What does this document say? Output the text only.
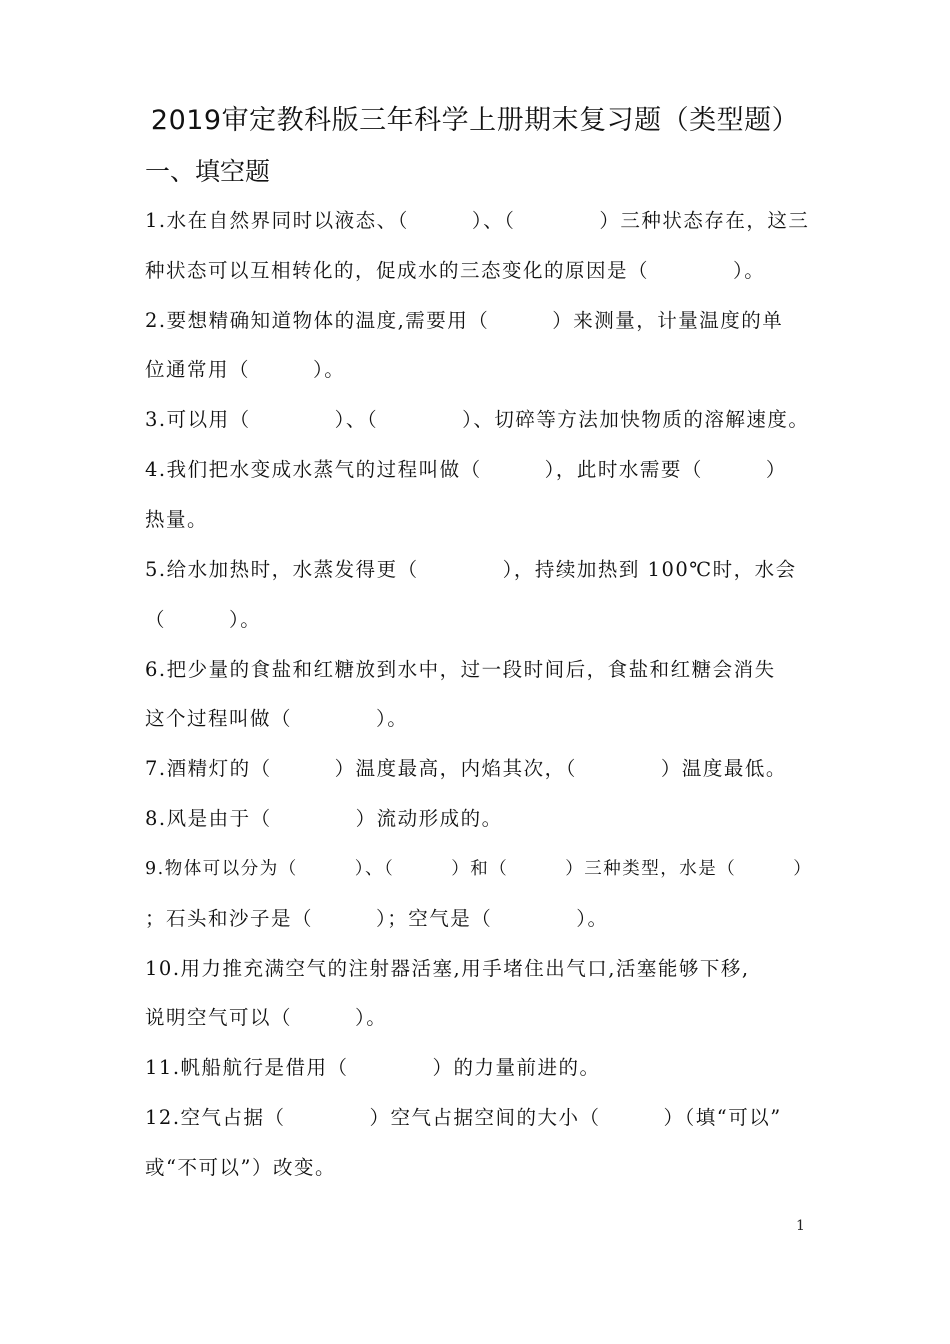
2019审定教科版三年科学上册期末复习题（类型题）
一、填空题
1.水在自然界同时以液态、（　　　）、（　　　　）三种状态存在，这三
种状态可以互相转化的，促成水的三态变化的原因是（　　　　）。
2.要想精确知道物体的温度,需要用（　　　）来测量，计量温度的单
位通常用（　　　）。
3.可以用（　　　　）、（　　　　）、切碎等方法加快物质的溶解速度。
4.我们把水变成水蒸气的过程叫做（　　　），此时水需要（　　　）
热量。
5.给水加热时，水蒸发得更（　　　　），持续加热到 100℃时，水会
（　　　）。
6.把少量的食盐和红糖放到水中，过一段时间后，食盐和红糖会消失
这个过程叫做（　　　　）。
7.酒精灯的（　　　）温度最高，内焰其次，（　　　　）温度最低。
8.风是由于（　　　　）流动形成的。
9.物体可以分为（　　　）、（　　　）和（　　　）三种类型，水是（　　　）
；石头和沙子是（　　　）；空气是（　　　　）。
10.用力推充满空气的注射器活塞,用手堵住出气口,活塞能够下移,
说明空气可以（　　　）。
11.帆船航行是借用（　　　　）的力量前进的。
12.空气占据（　　　　）空气占据空间的大小（　　　）（填“可以”
或“不可以”）改变。
1
